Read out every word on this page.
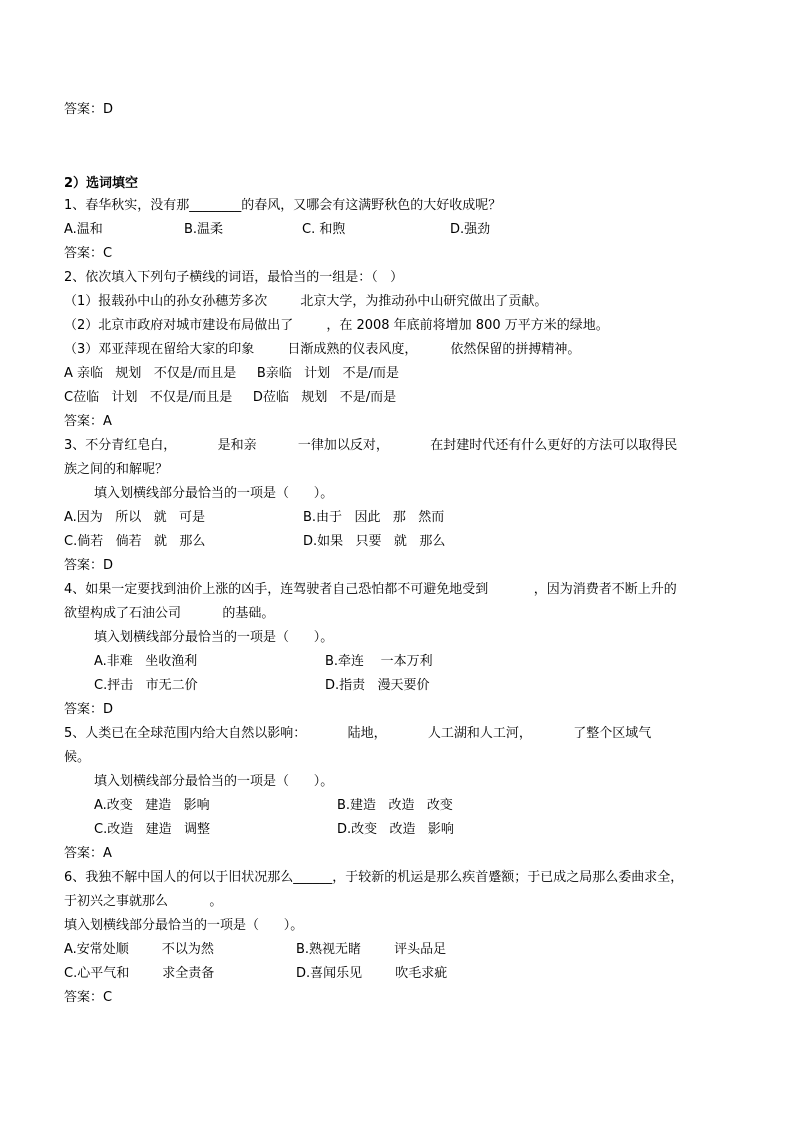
答案：D

2）选词填空

1、春华秋实，没有那________的春风，又哪会有这满野秋色的大好收成呢？

A.温和	B.温柔	C. 和煦	D.强劲

答案：C

2、依次填入下列句子横线的词语，最恰当的一组是：（   ）

（1）报载孙中山的孙女孙穗芳多次        北京大学，为推动孙中山研究做出了贡献。

（2）北京市政府对城市建设布局做出了        ，在 2008 年底前将增加 800 万平方米的绿地。

（3）邓亚萍现在留给大家的印象        日渐成熟的仪表风度，        依然保留的拼搏精神。

A 亲临   规划   不仅是/而且是     B亲临   计划   不是/而是

C莅临   计划   不仅是/而且是     D莅临   规划   不是/而是

答案：A

3、不分青红皂白，          是和亲          一律加以反对，          在封建时代还有什么更好的方法可以取得民

族之间的和解呢？

填入划横线部分最恰当的一项是（      ）。

A.因为   所以   就   可是	B.由于   因此   那   然而

C.倘若   倘若   就   那么	D.如果   只要   就   那么

答案：D

4、如果一定要找到油价上涨的凶手，连驾驶者自己恐怕都不可避免地受到           ，因为消费者不断上升的

欲望构成了石油公司          的基础。

填入划横线部分最恰当的一项是（      ）。

A.非难   坐收渔利	B.牵连    一本万利

C.抨击   市无二价	D.指责   漫天要价

答案：D

5、人类已在全球范围内给大自然以影响：          陆地，          人工湖和人工河，          了整个区域气

候。

填入划横线部分最恰当的一项是（      ）。

A.改变   建造   影响	B.建造   改造   改变

C.改造   建造   调整	D.改变   改造   影响

答案：A

6、我独不解中国人的何以于旧状况那么______，于较新的机运是那么疾首蹙额；于已成之局那么委曲求全，

于初兴之事就那么          。

填入划横线部分最恰当的一项是（      ）。

A.安常处顺        不以为然	B.熟视无睹        评头品足

C.心平气和        求全责备	D.喜闻乐见        吹毛求疵

答案：C
